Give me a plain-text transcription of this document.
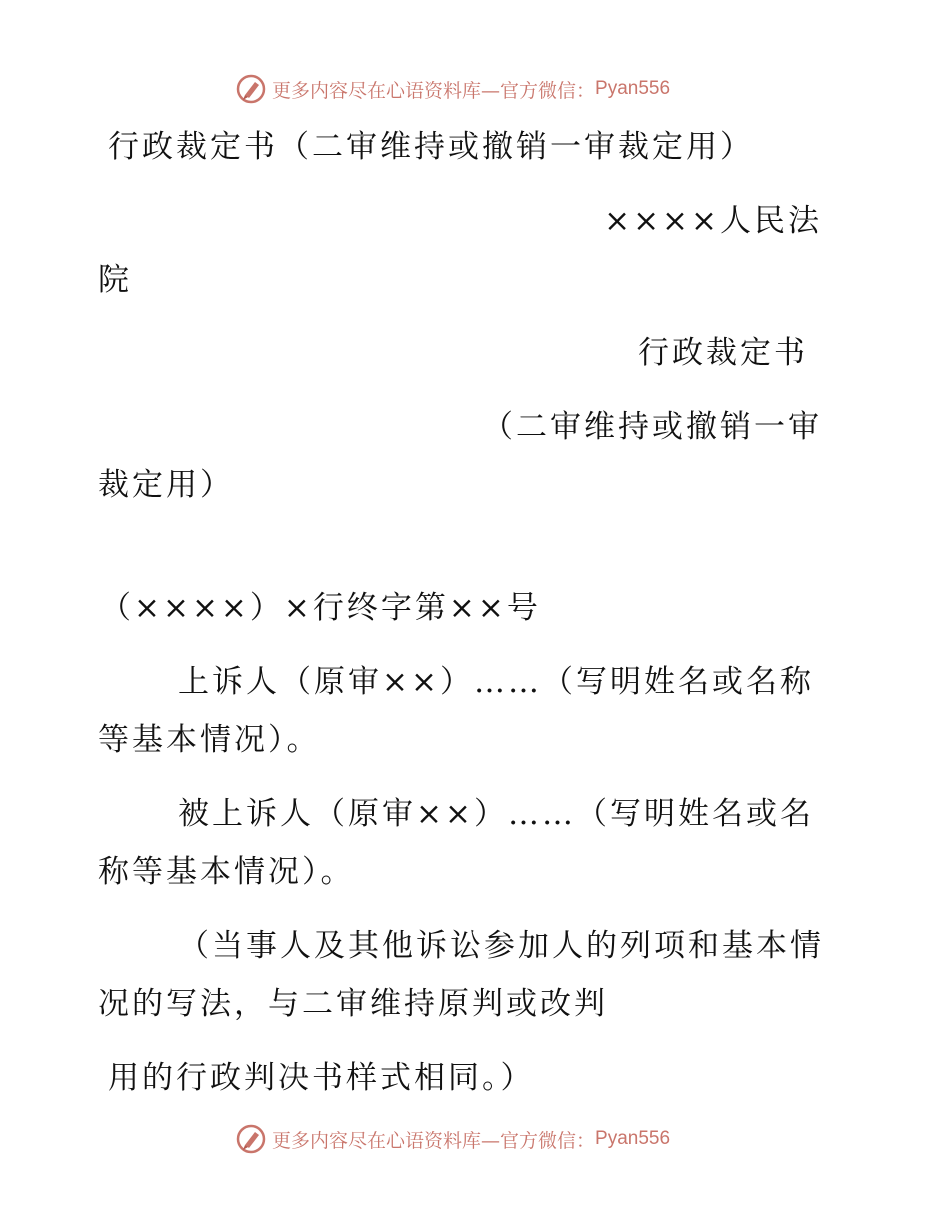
更多内容尽在心语资料库—官方微信： Pyan556
行政裁定书（二审维持或撤销一审裁定用）
××××人民法
院
行政裁定书
（二审维持或撤销一审
裁定用）
（××××）×行终字第××号
上诉人（原审××）……（写明姓名或名称
等基本情况）。
被上诉人（原审××）……（写明姓名或名
称等基本情况）。
（当事人及其他诉讼参加人的列项和基本情
况的写法，与二审维持原判或改判
用的行政判决书样式相同。）
更多内容尽在心语资料库—官方微信： Pyan556
